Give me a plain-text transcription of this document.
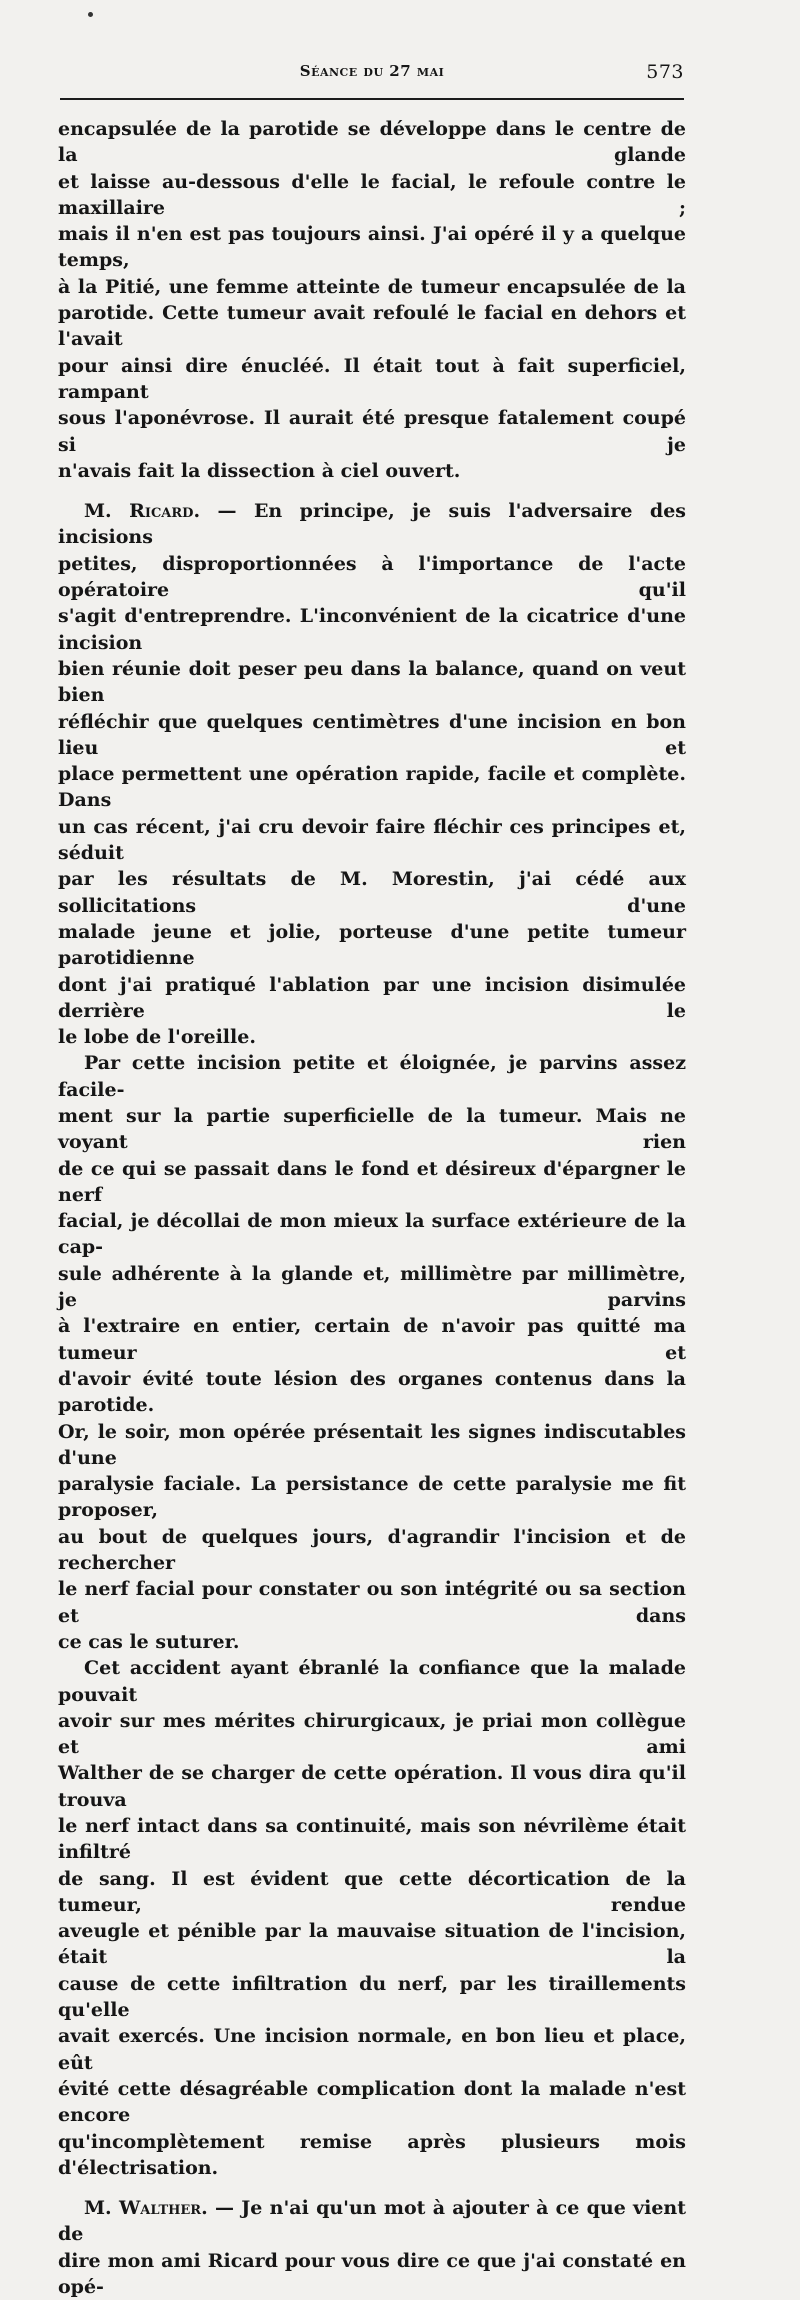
Séance du 27 mai	573

encapsulée de la parotide se développe dans le centre de la glande

et laisse au-dessous d'elle le facial, le refoule contre le maxillaire ;

mais il n'en est pas toujours ainsi. J'ai opéré il y a quelque temps,

à la Pitié, une femme atteinte de tumeur encapsulée de la

parotide. Cette tumeur avait refoulé le facial en dehors et l'avait

pour ainsi dire énucléé. Il était tout à fait superficiel, rampant

sous l'aponévrose. Il aurait été presque fatalement coupé si je

n'avais fait la dissection à ciel ouvert.

M. Ricard. — En principe, je suis l'adversaire des incisions

petites, disproportionnées à l'importance de l'acte opératoire qu'il

s'agit d'entreprendre. L'inconvénient de la cicatrice d'une incision

bien réunie doit peser peu dans la balance, quand on veut bien

réfléchir que quelques centimètres d'une incision en bon lieu et

place permettent une opération rapide, facile et complète. Dans

un cas récent, j'ai cru devoir faire fléchir ces principes et, séduit

par les résultats de M. Morestin, j'ai cédé aux sollicitations d'une

malade jeune et jolie, porteuse d'une petite tumeur parotidienne

dont j'ai pratiqué l'ablation par une incision disimulée derrière le

le lobe de l'oreille.

Par cette incision petite et éloignée, je parvins assez facile-

ment sur la partie superficielle de la tumeur. Mais ne voyant rien

de ce qui se passait dans le fond et désireux d'épargner le nerf

facial, je décollai de mon mieux la surface extérieure de la cap-

sule adhérente à la glande et, millimètre par millimètre, je parvins

à l'extraire en entier, certain de n'avoir pas quitté ma tumeur et

d'avoir évité toute lésion des organes contenus dans la parotide.

Or, le soir, mon opérée présentait les signes indiscutables d'une

paralysie faciale. La persistance de cette paralysie me fit proposer,

au bout de quelques jours, d'agrandir l'incision et de rechercher

le nerf facial pour constater ou son intégrité ou sa section et dans

ce cas le suturer.

Cet accident ayant ébranlé la confiance que la malade pouvait

avoir sur mes mérites chirurgicaux, je priai mon collègue et ami

Walther de se charger de cette opération. Il vous dira qu'il trouva

le nerf intact dans sa continuité, mais son névrilème était infiltré

de sang. Il est évident que cette décortication de la tumeur, rendue

aveugle et pénible par la mauvaise situation de l'incision, était la

cause de cette infiltration du nerf, par les tiraillements qu'elle

avait exercés. Une incision normale, en bon lieu et place, eût

évité cette désagréable complication dont la malade n'est encore

qu'incomplètement remise après plusieurs mois d'électrisation.

M. Walther. — Je n'ai qu'un mot à ajouter à ce que vient de

dire mon ami Ricard pour vous dire ce que j'ai constaté en opé-
